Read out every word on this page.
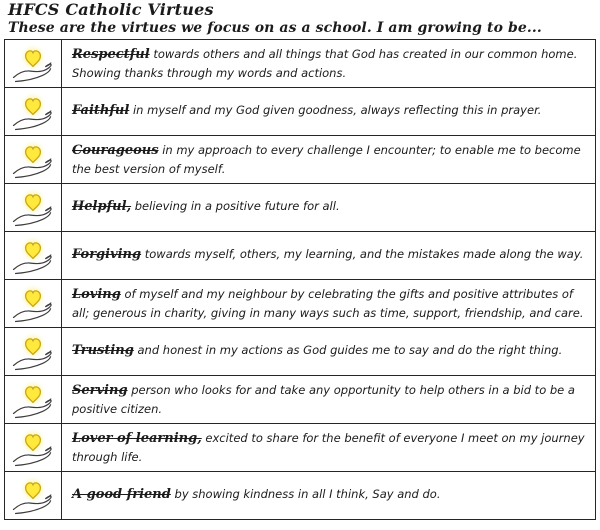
HFCS Catholic Virtues
These are the virtues we focus on as a school. I am growing to be...
	Respectful towards others and all things that God has created in our common home. Showing thanks through my words and actions.

	Faithful in myself and my God given goodness, always reflecting this in prayer.

	Courageous in my approach to every challenge I encounter; to enable me to become the best version of myself.

	Helpful, believing in a positive future for all.

	Forgiving towards myself, others, my learning, and the mistakes made along the way.

	Loving of myself and my neighbour by celebrating the gifts and positive attributes of all; generous in charity, giving in many ways such as time, support, friendship, and care.

	Trusting and honest in my actions as God guides me to say and do the right thing.

	Serving person who looks for and take any opportunity to help others in a bid to be a positive citizen.

	Lover of learning, excited to share for the benefit of everyone I meet on my journey through life.

	A good friend by showing kindness in all I think, Say and do.
